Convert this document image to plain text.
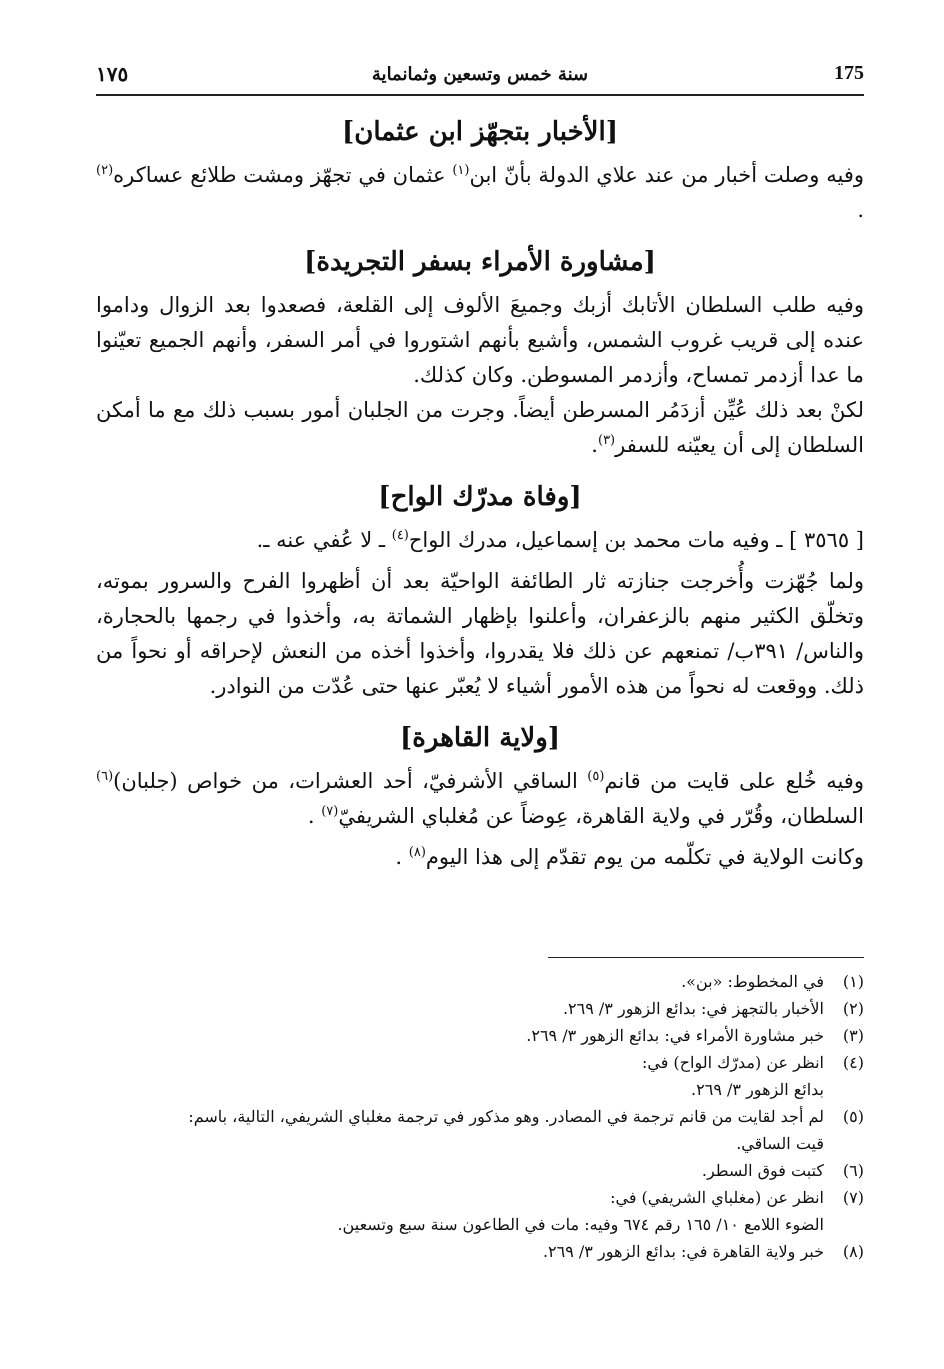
175
سنة خمس وتسعين وثمانماية
١٧٥
[الأخبار بتجهّز ابن عثمان]

وفيه وصلت أخبار من عند علاي الدولة بأنّ ابن$^{(١)}$ عثمان في تجهّز ومشت طلائع عساكره$^{(٢)}$ .

[مشاورة الأمراء بسفر التجريدة]

وفيه طلب السلطان الأتابك أزبك وجميعَ الألوف إلى القلعة، فصعدوا بعد الزوال وداموا عنده إلى قريب غروب الشمس، وأشيع بأنهم اشتوروا في أمر السفر، وأنهم الجميع تعيّنوا ما عدا أزدمر تمساح، وأزدمر المسوطن. وكان كذلك.

لكنْ بعد ذلك عُيِّن أزدَمُر المسرطن أيضاً. وجرت من الجلبان أمور بسبب ذلك مع ما أمكن السلطان إلى أن يعيّنه للسفر$^{(٣)}$.

[وفاة مدرّك الواح]

[ ٣٥٦٥ ] ـ وفيه مات محمد بن إسماعيل، مدرك الواح$^{(٤)}$ ـ لا عُفي عنه ـ.

ولما جُهّزت وأُخرجت جنازته ثار الطائفة الواحيّة بعد أن أظهروا الفرح والسرور بموته، وتخلّق الكثير منهم بالزعفران، وأعلنوا بإظهار الشماتة به، وأخذوا في رجمها بالحجارة، والناس/ ٣٩١ب/ تمنعهم عن ذلك فلا يقدروا، وأخذوا أخذه من النعش لإحراقه أو نحواً من ذلك. ووقعت له نحواً من هذه الأمور أشياء لا يُعبّر عنها حتى عُدّت من النوادر.

[ولاية القاهرة]

وفيه خُلع على قايت من قانم$^{(٥)}$ الساقي الأشرفيّ، أحد العشرات، من خواص (جلبان)$^{(٦)}$ السلطان، وقُرّر في ولاية القاهرة، عِوضاً عن مُغلباي الشريفيّ$^{(٧)}$ .

وكانت الولاية في تكلّمه من يوم تقدّم إلى هذا اليوم$^{(٨)}$ .

(١)
في المخطوط: «بن».
(٢)
الأخبار بالتجهز في: بدائع الزهور ٣/ ٢٦٩.
(٣)
خبر مشاورة الأمراء في: بدائع الزهور ٣/ ٢٦٩.
(٤)
انظر عن (مدرّك الواح) في:
بدائع الزهور ٣/ ٢٦٩.
(٥)
لم أجد لقايت من قانم ترجمة في المصادر. وهو مذكور في ترجمة مغلباي الشريفي، التالية، باسم:
قيت الساقي.
(٦)
كتبت فوق السطر.
(٧)
انظر عن (مغلباي الشريفي) في:
الضوء اللامع ١٠/ ١٦٥ رقم ٦٧٤ وفيه: مات في الطاعون سنة سبع وتسعين.
(٨)
خبر ولاية القاهرة في: بدائع الزهور ٣/ ٢٦٩.
